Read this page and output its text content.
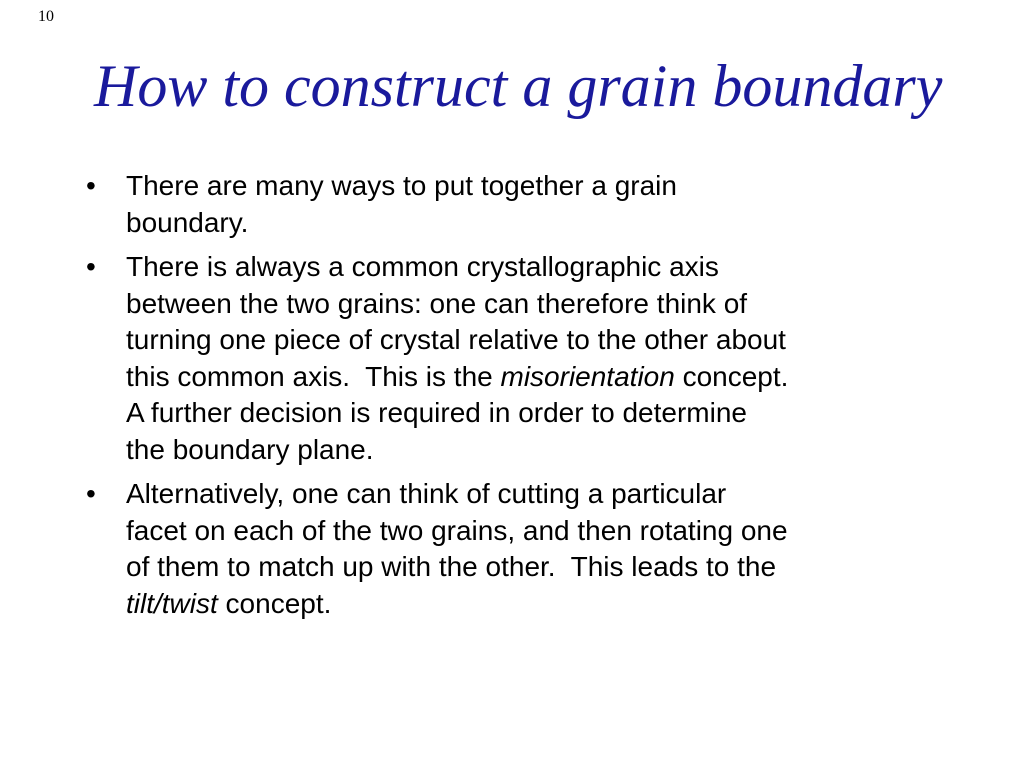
10
How to construct a grain boundary
•	There are many ways to put together a grain
boundary.
•	There is always a common crystallographic axis
between the two grains: one can therefore think of
turning one piece of crystal relative to the other about
this common axis.  This is the misorientation concept.
A further decision is required in order to determine
the boundary plane.
•	Alternatively, one can think of cutting a particular
facet on each of the two grains, and then rotating one
of them to match up with the other.  This leads to the
tilt/twist concept.
